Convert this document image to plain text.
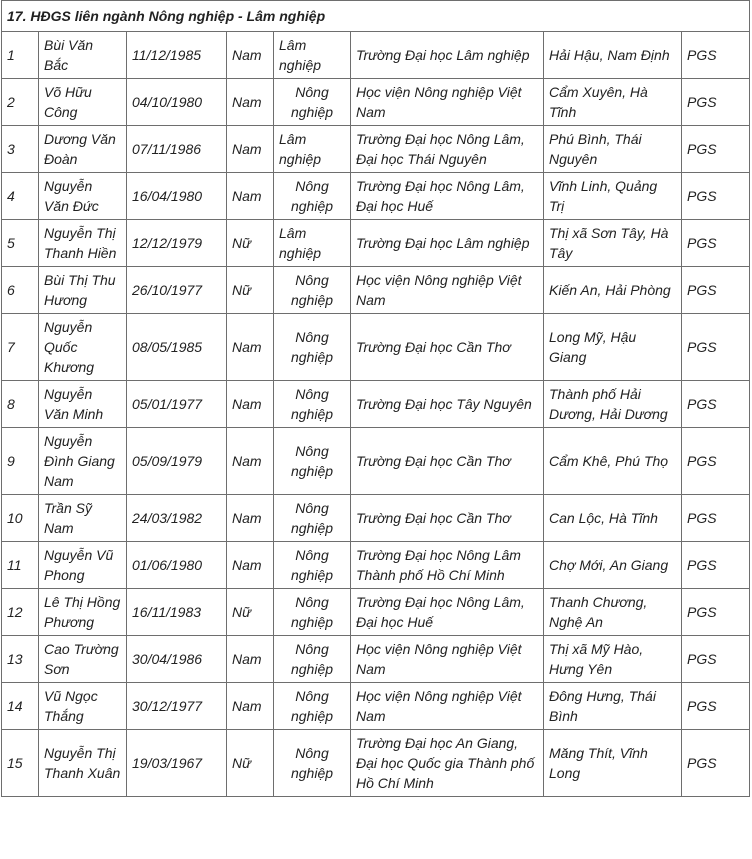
17. HĐGS liên ngành Nông nghiệp - Lâm nghiệp							
1	Bùi Văn Bắc	11/12/1985	Nam	Lâm nghiệp	Trường Đại học Lâm nghiệp	Hải Hậu, Nam Định	PGS
2	Võ Hữu Công	04/10/1980	Nam	Nông nghiệp	Học viện Nông nghiệp Việt Nam	Cẩm Xuyên, Hà Tĩnh	PGS
3	Dương Văn Đoàn	07/11/1986	Nam	Lâm nghiệp	Trường Đại học Nông Lâm, Đại học Thái Nguyên	Phú Bình, Thái Nguyên	PGS
4	Nguyễn Văn Đức	16/04/1980	Nam	Nông nghiệp	Trường Đại học Nông Lâm, Đại học Huế	Vĩnh Linh, Quảng Trị	PGS
5	Nguyễn Thị Thanh Hiền	12/12/1979	Nữ	Lâm nghiệp	Trường Đại học Lâm nghiệp	Thị xã Sơn Tây, Hà Tây	PGS
6	Bùi Thị Thu Hương	26/10/1977	Nữ	Nông nghiệp	Học viện Nông nghiệp Việt Nam	Kiến An, Hải Phòng	PGS
7	Nguyễn Quốc Khương	08/05/1985	Nam	Nông nghiệp	Trường Đại học Cần Thơ	Long Mỹ, Hậu Giang	PGS
8	Nguyễn Văn Minh	05/01/1977	Nam	Nông nghiệp	Trường Đại học Tây Nguyên	Thành phố Hải Dương, Hải Dương	PGS
9	Nguyễn Đình Giang Nam	05/09/1979	Nam	Nông nghiệp	Trường Đại học Cần Thơ	Cẩm Khê, Phú Thọ	PGS
10	Trần Sỹ Nam	24/03/1982	Nam	Nông nghiệp	Trường Đại học Cần Thơ	Can Lộc, Hà Tĩnh	PGS
11	Nguyễn Vũ Phong	01/06/1980	Nam	Nông nghiệp	Trường Đại học Nông Lâm Thành phố Hồ Chí Minh	Chợ Mới, An Giang	PGS
12	Lê Thị Hồng Phương	16/11/1983	Nữ	Nông nghiệp	Trường Đại học Nông Lâm, Đại học Huế	Thanh Chương, Nghệ An	PGS
13	Cao Trường Sơn	30/04/1986	Nam	Nông nghiệp	Học viện Nông nghiệp Việt Nam	Thị xã Mỹ Hào, Hưng Yên	PGS
14	Vũ Ngọc Thắng	30/12/1977	Nam	Nông nghiệp	Học viện Nông nghiệp Việt Nam	Đông Hưng, Thái Bình	PGS
15	Nguyễn Thị Thanh Xuân	19/03/1967	Nữ	Nông nghiệp	Trường Đại học An Giang, Đại học Quốc gia Thành phố Hồ Chí Minh	Măng Thít, Vĩnh Long	PGS
